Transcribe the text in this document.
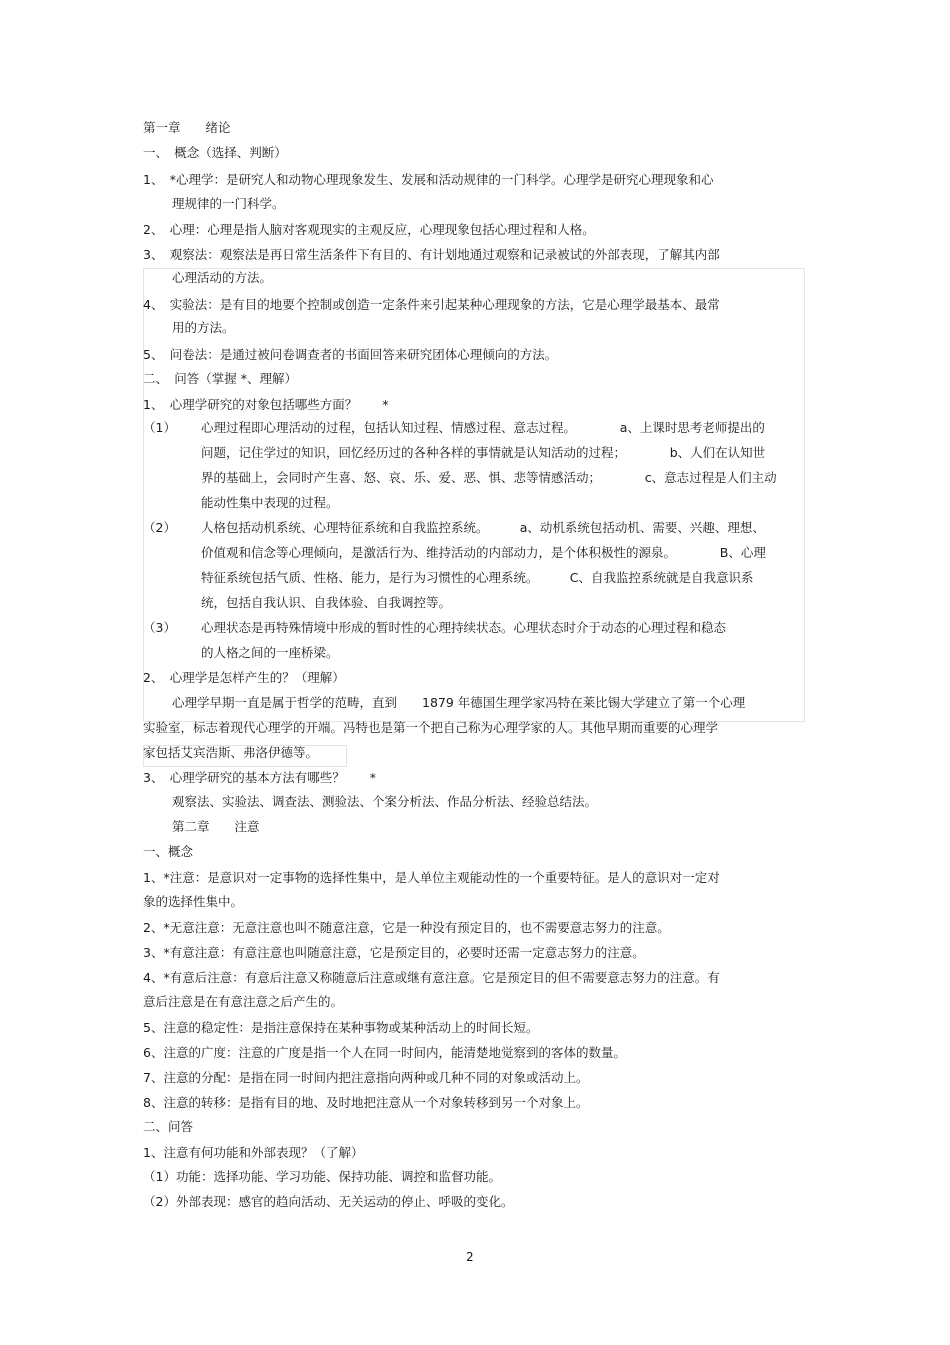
第一章　　绪论
一、　概念（选择、判断）
1、　*心理学：是研究人和动物心理现象发生、发展和活动规律的一门科学。心理学是研究心理现象和心
理规律的一门科学。
2、　心理：心理是指人脑对客观现实的主观反应，心理现象包括心理过程和人格。
3、　观察法：观察法是再日常生活条件下有目的、有计划地通过观察和记录被试的外部表现，了解其内部
心理活动的方法。
4、　实验法：是有目的地要个控制或创造一定条件来引起某种心理现象的方法，它是心理学最基本、最常
用的方法。
5、　问卷法：是通过被问卷调查者的书面回答来研究团体心理倾向的方法。
二、　问答（掌握 *、理解）
1、　心理学研究的对象包括哪些方面？　　*
（1） 心理过程即心理活动的过程，包括认知过程、情感过程、意志过程。　　　　a、上课时思考老师提出的
问题，记住学过的知识，回忆经历过的各种各样的事情就是认知活动的过程；　　　　b、人们在认知世
界的基础上，会同时产生喜、怒、哀、乐、爱、恶、惧、悲等情感活动；　　　　c、意志过程是人们主动
能动性集中表现的过程。
（2） 人格包括动机系统、心理特征系统和自我监控系统。　　　a、动机系统包括动机、需要、兴趣、理想、
价值观和信念等心理倾向，是激活行为、维持活动的内部动力，是个体积极性的源泉。　　　　B、心理
特征系统包括气质、性格、能力，是行为习惯性的心理系统。　　　C、自我监控系统就是自我意识系
统，包括自我认识、自我体验、自我调控等。
（3） 心理状态是再特殊情境中形成的暂时性的心理持续状态。心理状态时介于动态的心理过程和稳态
的人格之间的一座桥梁。
2、　心理学是怎样产生的？（理解）
心理学早期一直是属于哲学的范畴，直到　　1879 年德国生理学家冯特在莱比锡大学建立了第一个心理
实验室，标志着现代心理学的开端。冯特也是第一个把自己称为心理学家的人。其他早期而重要的心理学
家包括艾宾浩斯、弗洛伊德等。
3、　心理学研究的基本方法有哪些？　　*
观察法、实验法、调查法、测验法、个案分析法、作品分析法、经验总结法。
第二章　　注意
一、概念
1、*注意：是意识对一定事物的选择性集中，是人单位主观能动性的一个重要特征。是人的意识对一定对
象的选择性集中。
2、*无意注意：无意注意也叫不随意注意，它是一种没有预定目的，也不需要意志努力的注意。
3、*有意注意：有意注意也叫随意注意，它是预定目的，必要时还需一定意志努力的注意。
4、*有意后注意：有意后注意又称随意后注意或继有意注意。它是预定目的但不需要意志努力的注意。有
意后注意是在有意注意之后产生的。
5、注意的稳定性：是指注意保持在某种事物或某种活动上的时间长短。
6、注意的广度：注意的广度是指一个人在同一时间内，能清楚地觉察到的客体的数量。
7、注意的分配：是指在同一时间内把注意指向两种或几种不同的对象或活动上。
8、注意的转移：是指有目的地、及时地把注意从一个对象转移到另一个对象上。
二、问答
1、注意有何功能和外部表现？（了解）
（1）功能：选择功能、学习功能、保持功能、调控和监督功能。
（2）外部表现：感官的趋向活动、无关运动的停止、呼吸的变化。
2
